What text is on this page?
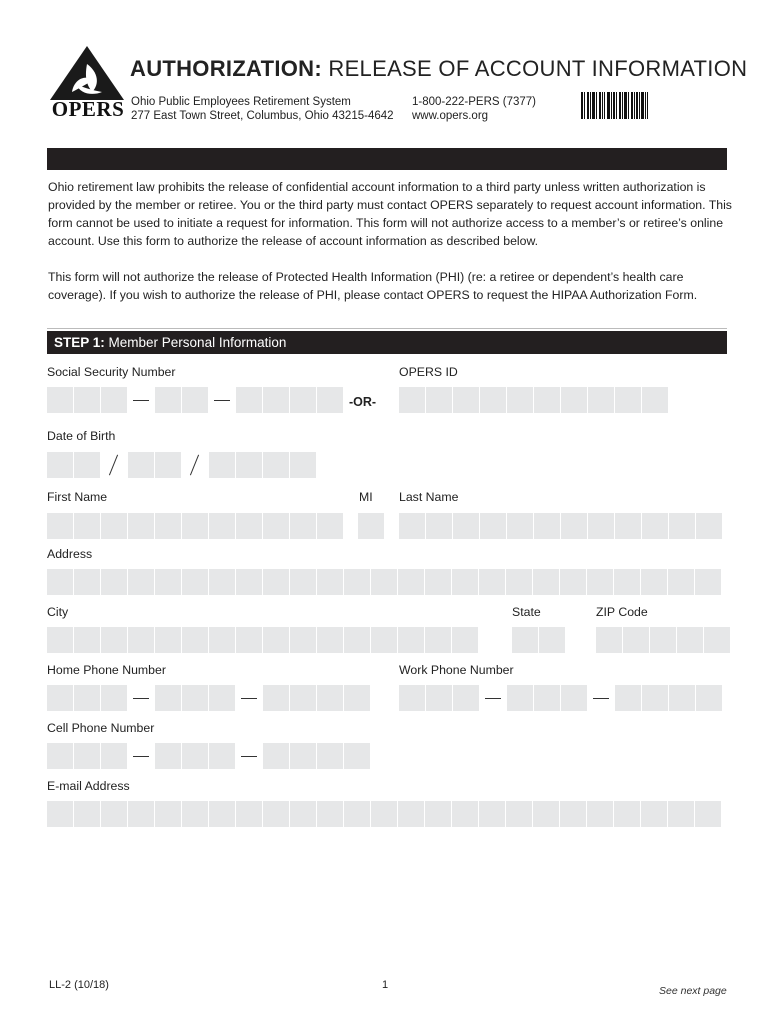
OPERS
AUTHORIZATION: RELEASE OF ACCOUNT INFORMATION
Ohio Public Employees Retirement System
277 East Town Street, Columbus, Ohio 43215-4642
1-800-222-PERS (7377)
www.opers.org
Ohio retirement law prohibits the release of confidential account information to a third party unless written authorization is provided by the member or retiree. You or the third party must contact OPERS separately to request account information. This form cannot be used to initiate a request for information. This form will not authorize access to a member’s or retiree’s online account. Use this form to authorize the release of account information as described below.
This form will not authorize the release of Protected Health Information (PHI) (re: a retiree or dependent’s health care coverage). If you wish to authorize the release of PHI, please contact OPERS to request the HIPAA Authorization Form.
STEP 1: Member Personal Information
Social Security Number
-OR-
OPERS ID
Date of Birth
First Name	MI Last Name
Address
City	State	ZIP Code
Home Phone Number	Work Phone Number
Cell Phone Number
E-mail Address
LL-2 (10/18)	1	See next page
